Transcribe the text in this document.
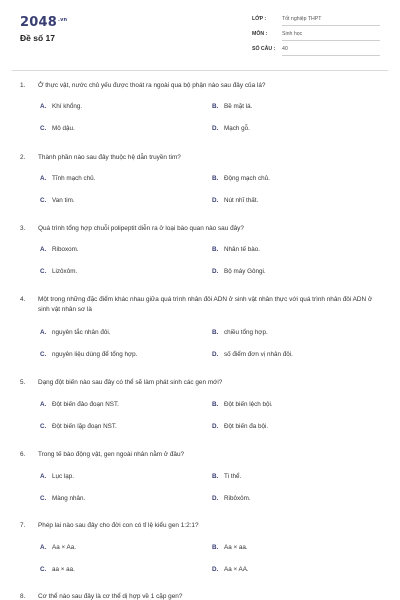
$2048^{.vn}$
Đề số 17
LỚP :	Tốt nghiệp THPT
MÔN :	Sinh học
SỐ CÂU : 40
1. Ở thực vật, nước chủ yếu được thoát ra ngoài qua bộ phận nào sau đây của lá?
A. Khí khổng.	B. Bề mặt lá.
C. Mô dậu.	D. Mạch gỗ.
2. Thành phần nào sau đây thuộc hệ dẫn truyền tim?
A. Tĩnh mạch chủ.	B. Động mạch chủ.
C. Van tim.	D. Nút nhĩ thất.
3. Quá trình tổng hợp chuỗi polipeptit diễn ra ở loại bào quan nào sau đây?
A. Riboxom.	B. Nhân tế bào.
C. Lizôxôm.	D. Bộ máy Gôngi.
4. Một trong những đặc điểm khác nhau giữa quá trình nhân đôi ADN ở sinh vật nhân thực với quá trình nhân đôi ADN ở sinh vật nhân sơ là
A. nguyên tắc nhân đôi.	B. chiều tổng hợp.
C. nguyên liệu dùng để tổng hợp.	D. số điểm đơn vị nhân đôi.
5. Dạng đột biến nào sau đây có thể sẽ làm phát sinh các gen mới?
A. Đột biến đảo đoạn NST.	B. Đột biến lệch bội.
C. Đột biến lặp đoạn NST.	D. Đột biến đa bội.
6. Trong tế bào động vật, gen ngoài nhân nằm ở đâu?
A. Lục lạp.	B. Ti thể.
C. Màng nhân.	D. Ribôxôm.
7. Phép lai nào sau đây cho đời con có tỉ lệ kiểu gen 1:2:1?
A. Aa × Aa.	B. Aa × aa.
C. aa × aa.	D. Aa × AA.
8. Cơ thể nào sau đây là cơ thể dị hợp về 1 cặp gen?
